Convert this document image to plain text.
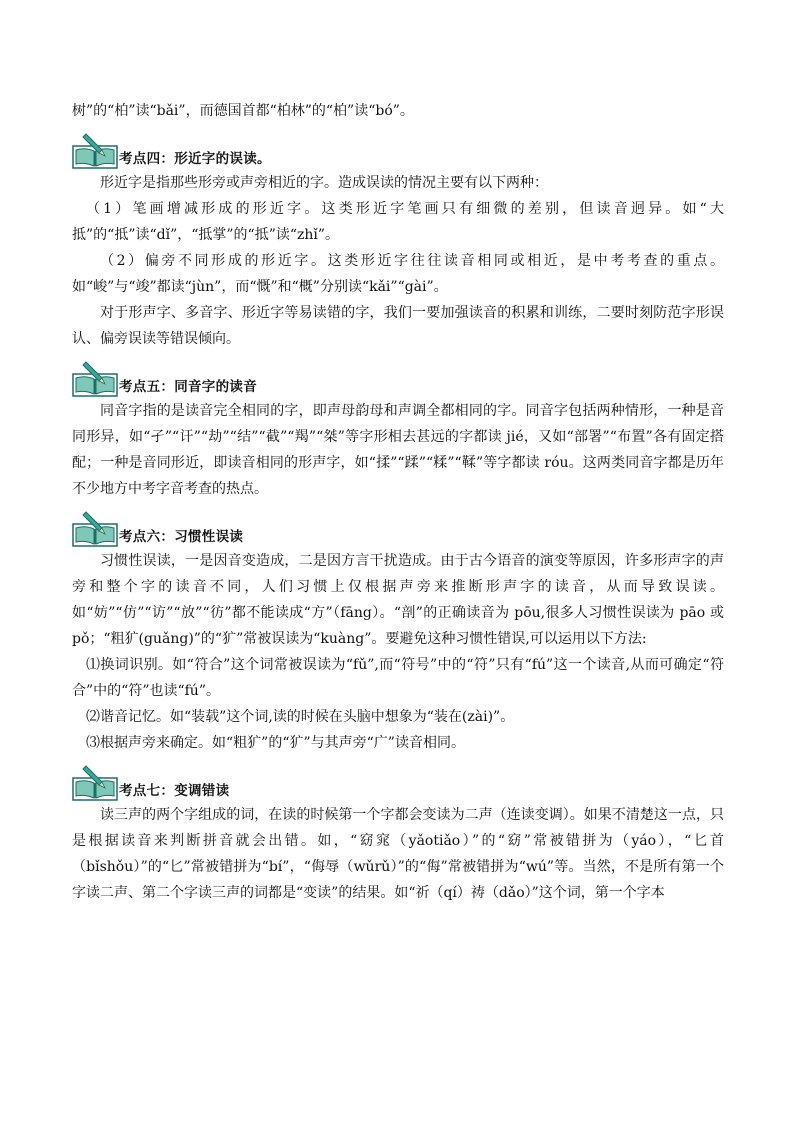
树”的“柏”读“bǎi”，而德国首都“柏林”的“柏”读“bó”。

考点四：形近字的误读。

形近字是指那些形旁或声旁相近的字。造成误读的情况主要有以下两种：

（1）笔画增减形成的形近字。这类形近字笔画只有细微的差别，但读音迥异。如“大抵”的“抵”读“dǐ”，“抵掌”的“抵”读“zhǐ”。

（2）偏旁不同形成的形近字。这类形近字往往读音相同或相近，是中考考查的重点。如“峻”与“竣”都读“jùn”，而“慨”和“概”分别读“kǎi”“gài”。

对于形声字、多音字、形近字等易读错的字，我们一要加强读音的积累和训练，二要时刻防范字形误认、偏旁误读等错误倾向。

考点五：同音字的读音

同音字指的是读音完全相同的字，即声母韵母和声调全都相同的字。同音字包括两种情形，一种是音同形异，如“孑”“讦”“劫”“结”“截”“羯”“桀”等字形相去甚远的字都读 jié，又如“部署”“布置”各有固定搭配；一种是音同形近，即读音相同的形声字，如“揉”“蹂”“糅”“鞣”等字都读 róu。这两类同音字都是历年不少地方中考字音考查的热点。

考点六：习惯性误读

习惯性误读，一是因音变造成，二是因方言干扰造成。由于古今语音的演变等原因，许多形声字的声旁和整个字的读音不同，人们习惯上仅根据声旁来推断形声字的读音，从而导致误读。如“妨”“仿”“访”“放”“彷”都不能读成“方”（fāng）。“剖”的正确读音为 pōu,很多人习惯性误读为 pāo 或 pǒ；“粗犷(guǎng)”的“犷”常被误读为“kuàng”。要避免这种习惯性错误,可以运用以下方法:

⑴换词识别。如“符合”这个词常被误读为“fǔ”,而“符号”中的“符”只有“fú”这一个读音,从而可确定“符合”中的“符”也读“fú”。

⑵谐音记忆。如“装载”这个词,读的时候在头脑中想象为“装在(zài)”。

⑶根据声旁来确定。如“粗犷”的“犷”与其声旁“广”读音相同。

考点七：变调错读

读三声的两个字组成的词，在读的时候第一个字都会变读为二声（连读变调）。如果不清楚这一点，只是根据读音来判断拼音就会出错。如，“窈窕（yǎotiǎo）”的“窈”常被错拼为（yáo），“匕首（bǐshǒu）”的“匕”常被错拼为“bí”，“侮辱（wǔrǔ）”的“侮”常被错拼为“wú”等。当然，不是所有第一个字读二声、第二个字读三声的词都是“变读”的结果。如“祈（qí）祷（dǎo）”这个词，第一个字本
